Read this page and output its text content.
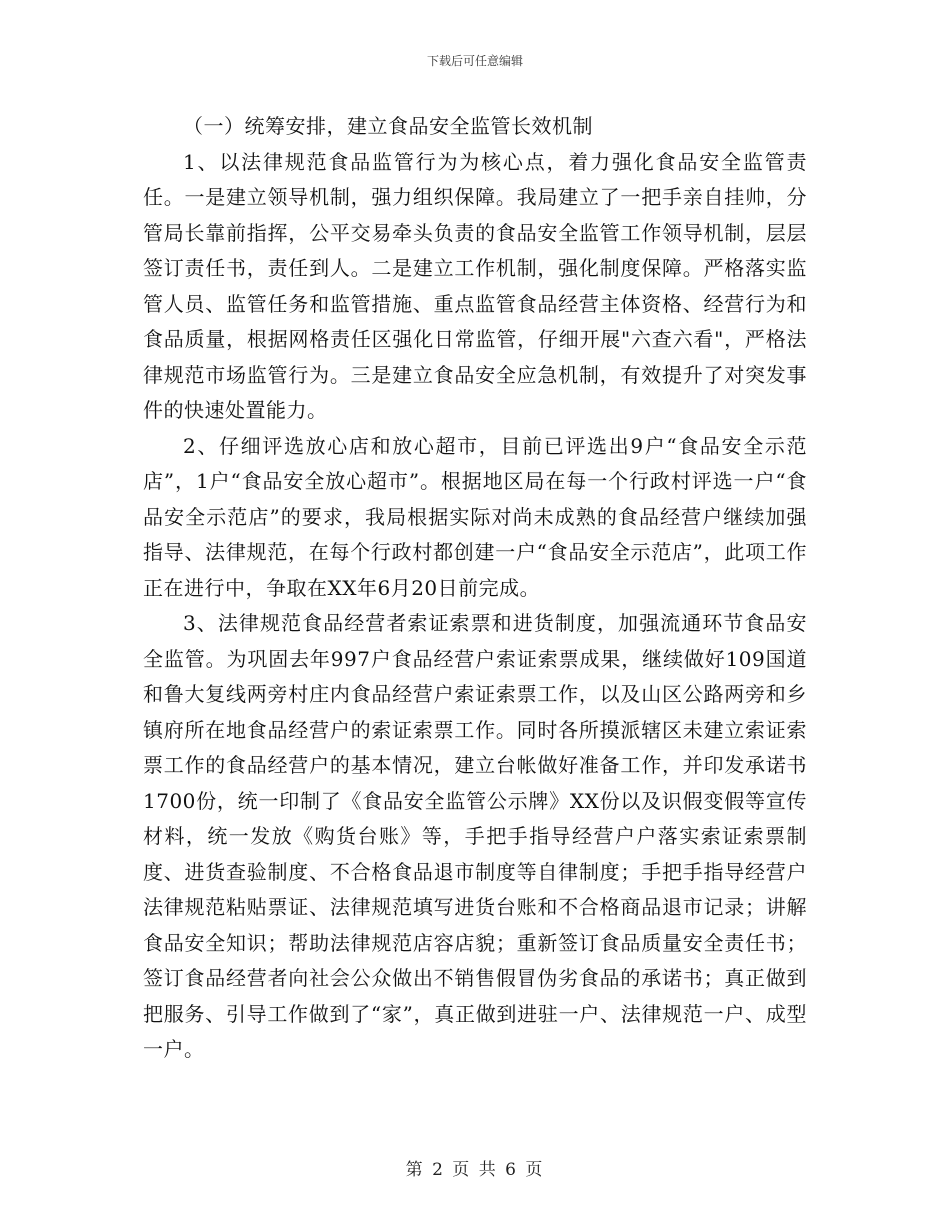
下载后可任意编辑

（一）统筹安排，建立食品安全监管长效机制

1、以法律规范食品监管行为为核心点，着力强化食品安全监管责任。一是建立领导机制，强力组织保障。我局建立了一把手亲自挂帅，分管局长靠前指挥，公平交易牵头负责的食品安全监管工作领导机制，层层签订责任书，责任到人。二是建立工作机制，强化制度保障。严格落实监管人员、监管任务和监管措施、重点监管食品经营主体资格、经营行为和食品质量，根据网格责任区强化日常监管，仔细开展"六查六看"，严格法律规范市场监管行为。三是建立食品安全应急机制，有效提升了对突发事件的快速处置能力。

2、仔细评选放心店和放心超市，目前已评选出9户“食品安全示范店”，1户“食品安全放心超市”。根据地区局在每一个行政村评选一户“食品安全示范店”的要求，我局根据实际对尚未成熟的食品经营户继续加强指导、法律规范，在每个行政村都创建一户“食品安全示范店”，此项工作正在进行中，争取在XX年6月20日前完成。

3、法律规范食品经营者索证索票和进货制度，加强流通环节食品安全监管。为巩固去年997户食品经营户索证索票成果，继续做好109国道和鲁大复线两旁村庄内食品经营户索证索票工作，以及山区公路两旁和乡镇府所在地食品经营户的索证索票工作。同时各所摸派辖区未建立索证索票工作的食品经营户的基本情况，建立台帐做好准备工作，并印发承诺书1700份，统一印制了《食品安全监管公示牌》XX份以及识假变假等宣传材料，统一发放《购货台账》等，手把手指导经营户户落实索证索票制度、进货查验制度、不合格食品退市制度等自律制度；手把手指导经营户法律规范粘贴票证、法律规范填写进货台账和不合格商品退市记录；讲解食品安全知识；帮助法律规范店容店貌；重新签订食品质量安全责任书；签订食品经营者向社会公众做出不销售假冒伪劣食品的承诺书；真正做到把服务、引导工作做到了“家”，真正做到进驻一户、法律规范一户、成型一户。

第 2 页 共 6 页
